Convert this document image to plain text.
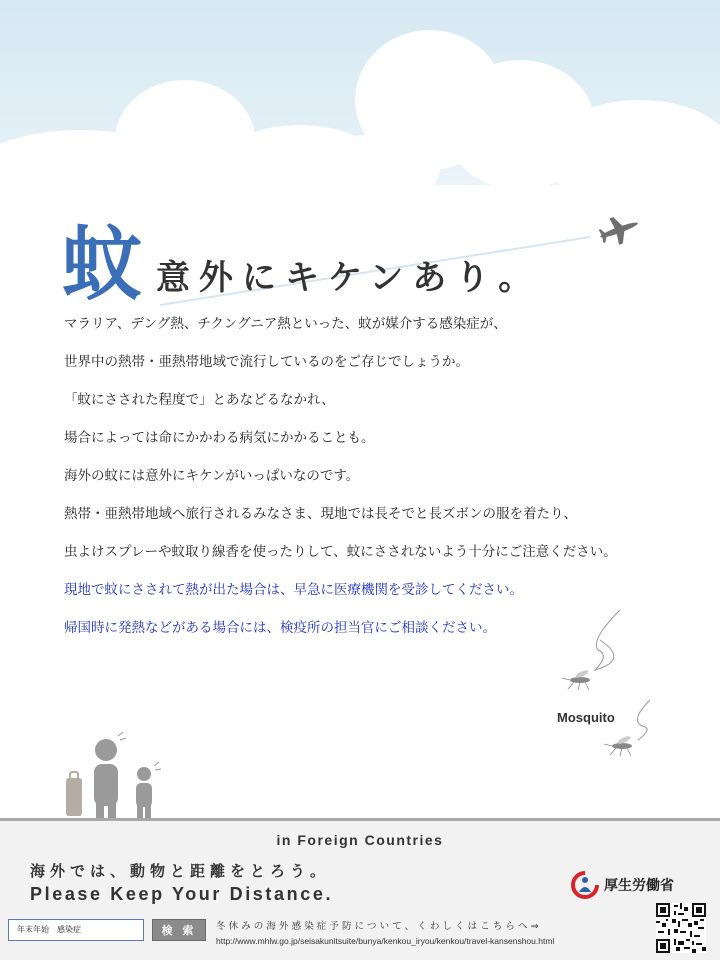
蚊 意外にキケンあり。
マラリア、デング熱、チクングニア熱といった、蚊が媒介する感染症が、
世界中の熱帯・亜熱帯地域で流行しているのをご存じでしょうか。
「蚊にさされた程度で」とあなどるなかれ、
場合によっては命にかかわる病気にかかることも。
海外の蚊には意外にキケンがいっぱいなのです。
熱帯・亜熱帯地域へ旅行されるみなさま、現地では長そでと長ズボンの服を着たり、
虫よけスプレーや蚊取り線香を使ったりして、蚊にさされないよう十分にご注意ください。
現地で蚊にさされて熱が出た場合は、早急に医療機関を受診してください。
帰国時に発熱などがある場合には、検疫所の担当官にご相談ください。
Mosquito
in Foreign Countries
海外では、動物と距離をとろう。
Please Keep Your Distance.	厚生労働省
年末年始　感染症	検 索	冬休みの海外感染症予防について、くわしくはこちらへ⇒
http://www.mhlw.go.jp/seisakunitsuite/bunya/kenkou_iryou/kenkou/travel-kansenshou.html
